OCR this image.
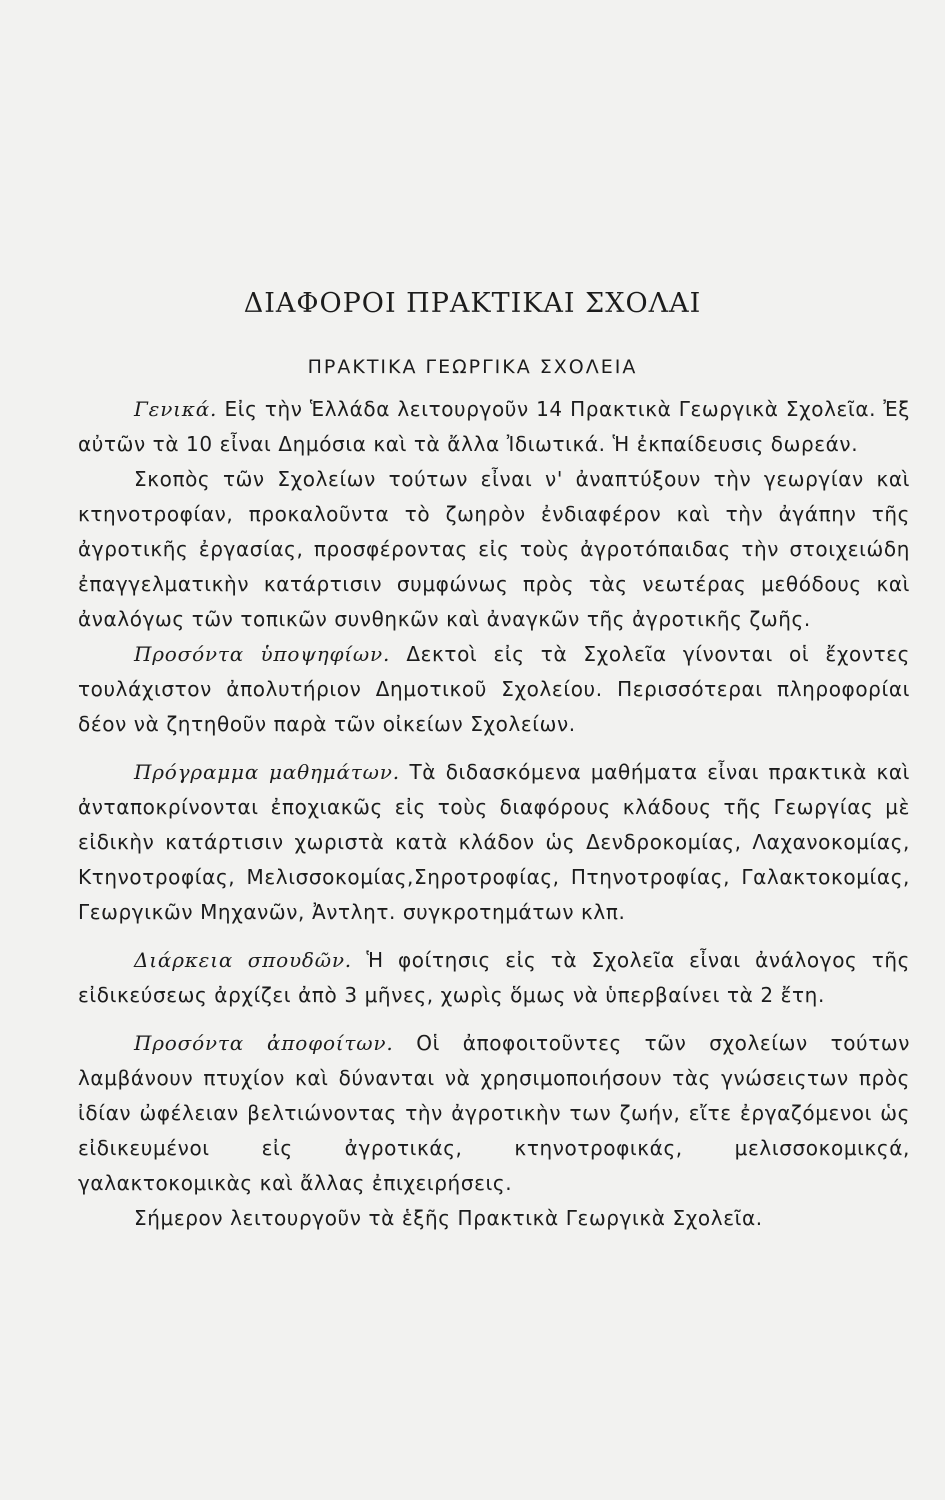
ΔΙΑΦΟΡΟΙ ΠΡΑΚΤΙΚΑΙ ΣΧΟΛΑΙ
ΠΡΑΚΤΙΚΑ ΓΕΩΡΓΙΚΑ ΣΧΟΛΕΙΑ

Γενικά. Εἰς τὴν Ἑλλάδα λειτουργοῦν 14 Πρακτικὰ Γεωργικὰ Σχολεῖα. Ἐξ αὐτῶν τὰ 10 εἶναι Δημόσια καὶ τὰ ἄλλα Ἰδιωτικά. Ἡ ἐκπαίδευσις δωρεάν.

Σκοπὸς τῶν Σχολείων τούτων εἶναι ν' ἀναπτύξουν τὴν γεωργίαν καὶ κτηνοτροφίαν, προκαλοῦντα τὸ ζωηρὸν ἐνδιαφέρον καὶ τὴν ἀγάπην τῆς ἀγροτικῆς ἐργασίας, προσφέροντας εἰς τοὺς ἀγροτόπαιδας τὴν στοιχειώδη ἐπαγγελματικὴν κατάρτισιν συμφώνως πρὸς τὰς νεωτέρας μεθόδους καὶ ἀναλόγως τῶν τοπικῶν συνθηκῶν καὶ ἀναγκῶν τῆς ἀγροτικῆς ζωῆς.

Προσόντα ὑποψηφίων. Δεκτοὶ εἰς τὰ Σχολεῖα γίνονται οἱ ἔχοντες τουλάχιστον ἀπολυτήριον Δημοτικοῦ Σχολείου. Περισσότεραι πληροφορίαι δέον νὰ ζητηθοῦν παρὰ τῶν οἰκείων Σχολείων.

Πρόγραμμα μαθημάτων. Τὰ διδασκόμενα μαθήματα εἶναι πρακτικὰ καὶ ἀνταποκρίνονται ἐποχιακῶς εἰς τοὺς διαφόρους κλάδους τῆς Γεωργίας μὲ εἰδικὴν κατάρτισιν χωριστὰ κατὰ κλάδον ὡς Δενδροκομίας, Λαχανοκομίας, Κτηνοτροφίας, Μελισσοκομίας,Σηροτροφίας, Πτηνοτροφίας, Γαλακτοκομίας, Γεωργικῶν Μηχανῶν, Ἀντλητ. συγκροτημάτων κλπ.

Διάρκεια σπουδῶν. Ἡ φοίτησις εἰς τὰ Σχολεῖα εἶναι ἀνάλογος τῆς εἰδικεύσεως ἀρχίζει ἀπὸ 3 μῆνες, χωρὶς ὅμως νὰ ὑπερβαίνει τὰ 2 ἔτη.

Προσόντα ἀποφοίτων. Οἱ ἀποφοιτοῦντες τῶν σχολείων τούτων λαμβάνουν πτυχίον καὶ δύνανται νὰ χρησιμοποιήσουν τὰς γνώσειςτων πρὸς ἰδίαν ὠφέλειαν βελτιώνοντας τὴν ἀγροτικὴν των ζωήν, εἴτε ἐργαζόμενοι ὡς εἰδικευμένοι εἰς ἀγροτικάς, κτηνοτροφικάς, μελισσοκομικςά, γαλακτοκομικὰς καὶ ἄλλας ἐπιχειρήσεις.

Σήμερον λειτουργοῦν τὰ ἑξῆς Πρακτικὰ Γεωργικὰ Σχολεῖα.
